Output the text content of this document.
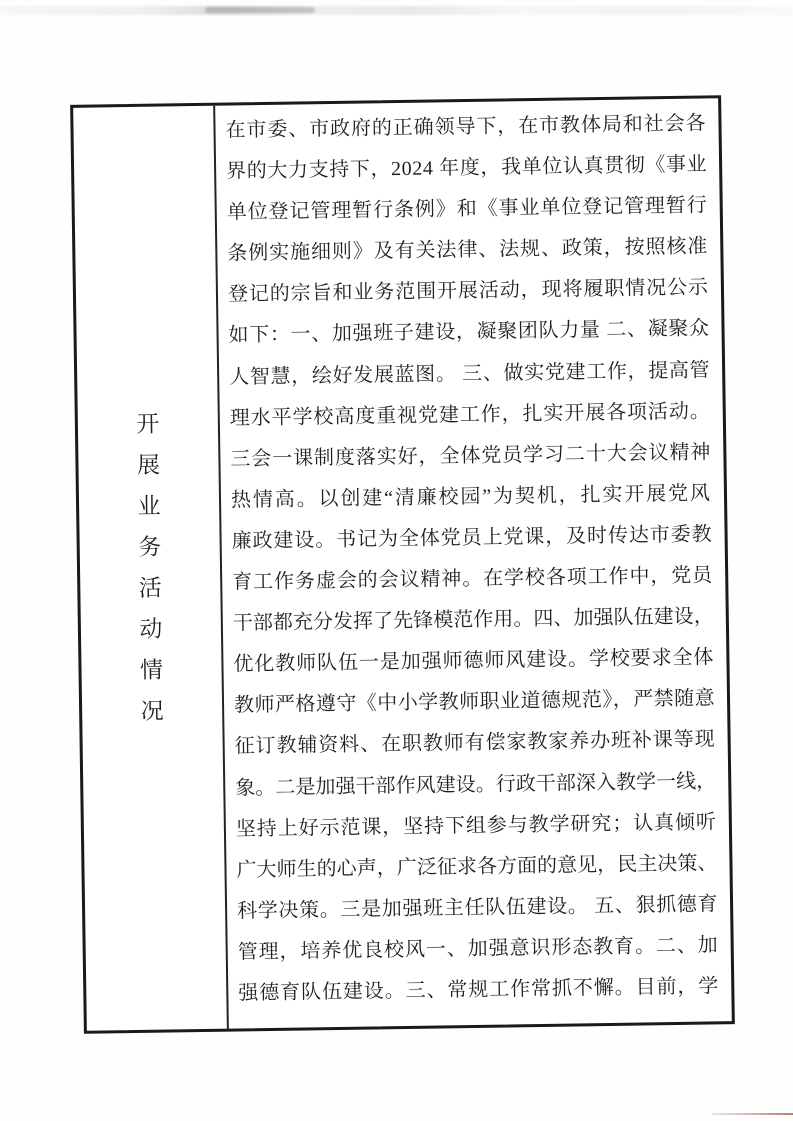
开
展
业
务
活
动
情
况
在市委、市政府的正确领导下，在市教体局和社会各
界的大力支持下，2024 年度，我单位认真贯彻《事业
单位登记管理暂行条例》和《事业单位登记管理暂行
条例实施细则》及有关法律、法规、政策，按照核准
登记的宗旨和业务范围开展活动，现将履职情况公示
如下：一、加强班子建设，凝聚团队力量 二、凝聚众
人智慧，绘好发展蓝图。 三、做实党建工作，提高管
理水平学校高度重视党建工作，扎实开展各项活动。
三会一课制度落实好，全体党员学习二十大会议精神
热情高。以创建“清廉校园”为契机，扎实开展党风
廉政建设。书记为全体党员上党课，及时传达市委教
育工作务虚会的会议精神。在学校各项工作中，党员
干部都充分发挥了先锋模范作用。四、加强队伍建设，
优化教师队伍一是加强师德师风建设。学校要求全体
教师严格遵守《中小学教师职业道德规范》，严禁随意
征订教辅资料、在职教师有偿家教家养办班补课等现
象。二是加强干部作风建设。行政干部深入教学一线，
坚持上好示范课，坚持下组参与教学研究；认真倾听
广大师生的心声，广泛征求各方面的意见，民主决策、
科学决策。三是加强班主任队伍建设。 五、狠抓德育
管理，培养优良校风一、加强意识形态教育。二、加
强德育队伍建设。三、常规工作常抓不懈。目前，学
